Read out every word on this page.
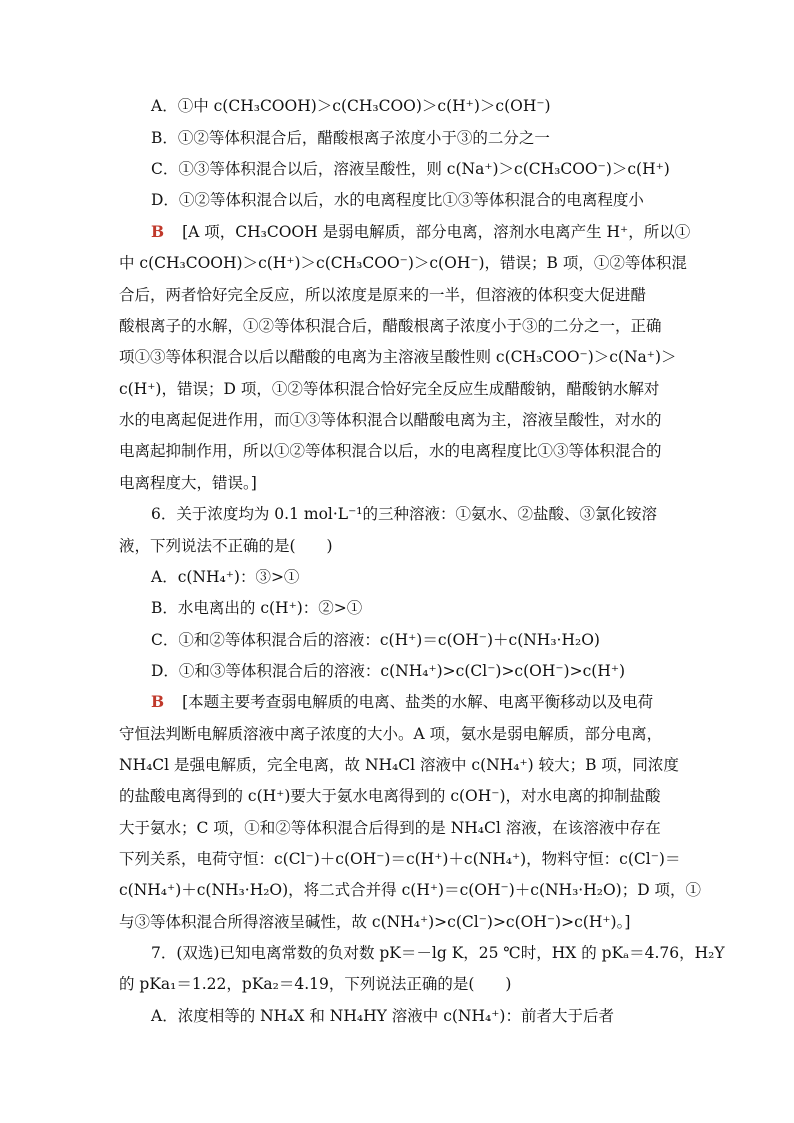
A．①中 c(CH₃COOH)＞c(CH₃COO)＞c(H⁺)＞c(OH⁻)
B．①②等体积混合后，醋酸根离子浓度小于③的二分之一
C．①③等体积混合以后，溶液呈酸性，则 c(Na⁺)＞c(CH₃COO⁻)＞c(H⁺)
D．①②等体积混合以后，水的电离程度比①③等体积混合的电离程度小
B [A 项，CH₃COOH 是弱电解质，部分电离，溶剂水电离产生 H⁺，所以①
中 c(CH₃COOH)＞c(H⁺)＞c(CH₃COO⁻)＞c(OH⁻)，错误；B 项，①②等体积混
合后，两者恰好完全反应，所以浓度是原来的一半，但溶液的体积变大促进醋
酸根离子的水解，①②等体积混合后，醋酸根离子浓度小于③的二分之一，正确
项①③等体积混合以后以醋酸的电离为主溶液呈酸性则 c(CH₃COO⁻)＞c(Na⁺)＞
c(H⁺)，错误；D 项，①②等体积混合恰好完全反应生成醋酸钠，醋酸钠水解对
水的电离起促进作用，而①③等体积混合以醋酸电离为主，溶液呈酸性，对水的
电离起抑制作用，所以①②等体积混合以后，水的电离程度比①③等体积混合的
电离程度大，错误。]
6．关于浓度均为 0.1 mol·L⁻¹的三种溶液：①氨水、②盐酸、③氯化铵溶
液，下列说法不正确的是(　　)
A．c(NH₄⁺)：③>①
B．水电离出的 c(H⁺)：②>①
C．①和②等体积混合后的溶液：c(H⁺)＝c(OH⁻)＋c(NH₃·H₂O)
D．①和③等体积混合后的溶液：c(NH₄⁺)>c(Cl⁻)>c(OH⁻)>c(H⁺)
B [本题主要考查弱电解质的电离、盐类的水解、电离平衡移动以及电荷
守恒法判断电解质溶液中离子浓度的大小。A 项，氨水是弱电解质，部分电离，
NH₄Cl 是强电解质，完全电离，故 NH₄Cl 溶液中 c(NH₄⁺) 较大；B 项，同浓度
的盐酸电离得到的 c(H⁺)要大于氨水电离得到的 c(OH⁻)，对水电离的抑制盐酸
大于氨水；C 项，①和②等体积混合后得到的是 NH₄Cl 溶液，在该溶液中存在
下列关系，电荷守恒：c(Cl⁻)＋c(OH⁻)＝c(H⁺)＋c(NH₄⁺)，物料守恒：c(Cl⁻)＝
c(NH₄⁺)＋c(NH₃·H₂O)，将二式合并得 c(H⁺)＝c(OH⁻)＋c(NH₃·H₂O)；D 项，①
与③等体积混合所得溶液呈碱性，故 c(NH₄⁺)>c(Cl⁻)>c(OH⁻)>c(H⁺)。]
7．(双选)已知电离常数的负对数 pK＝－lg K，25 ℃时，HX 的 pKₐ＝4.76，H₂Y
的 pKa₁＝1.22，pKa₂＝4.19，下列说法正确的是(　　)
A．浓度相等的 NH₄X 和 NH₄HY 溶液中 c(NH₄⁺)：前者大于后者
